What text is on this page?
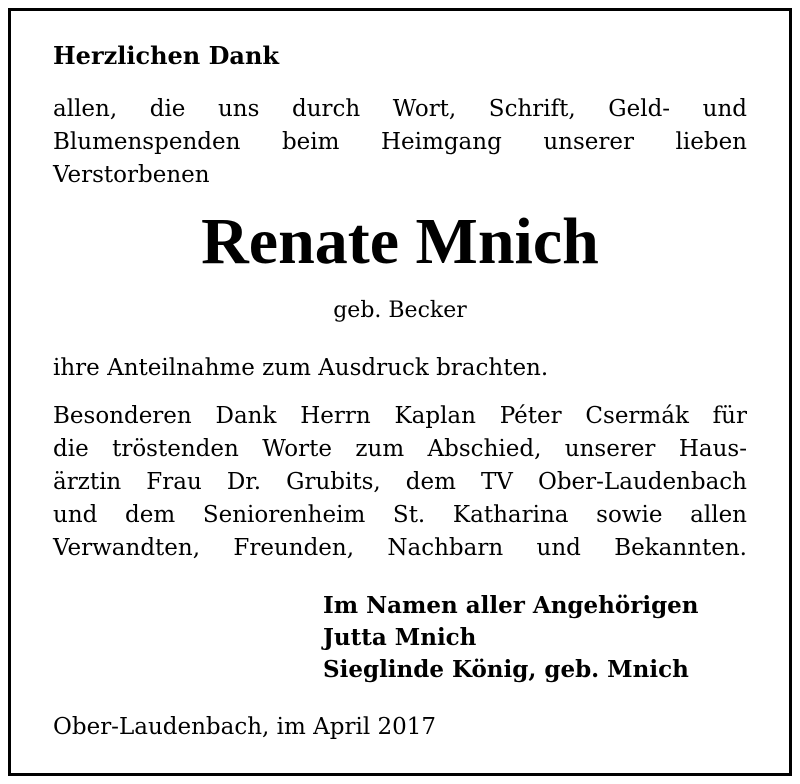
Herzlichen Dank
allen, die uns durch Wort, Schrift, Geld- und Blumenspenden beim Heimgang unserer lieben Verstorbenen
Renate Mnich
geb. Becker
ihre Anteilnahme zum Ausdruck brachten.
Besonderen Dank Herrn Kaplan Péter Csermák für
die tröstenden Worte zum Abschied, unserer Haus-
ärztin Frau Dr. Grubits, dem TV Ober-Laudenbach
und dem Seniorenheim St. Katharina sowie allen
Verwandten, Freunden, Nachbarn und Bekannten.
Im Namen aller Angehörigen
Jutta Mnich
Sieglinde König, geb. Mnich
Ober-Laudenbach, im April 2017
